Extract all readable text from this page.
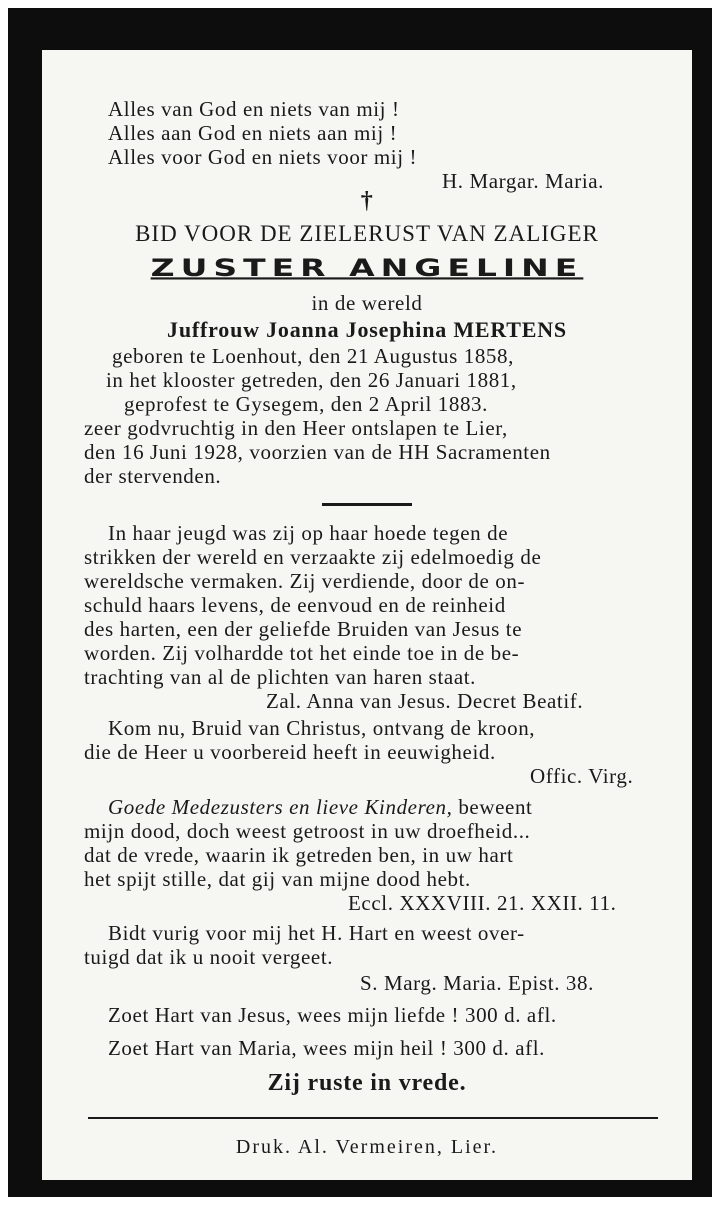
Alles van God en niets van mij !
Alles aan God en niets aan mij !
Alles voor God en niets voor mij !
H. Margar. Maria.
†
BID VOOR DE ZIELERUST VAN ZALIGER
ZUSTER ANGELINE
in de wereld
Juffrouw Joanna Josephina MERTENS
geboren te Loenhout, den 21 Augustus 1858,
in het klooster getreden, den 26 Januari 1881,
geprofest te Gysegem, den 2 April 1883.
zeer godvruchtig in den Heer ontslapen te Lier,
den 16 Juni 1928, voorzien van de HH Sacramenten
der stervenden.
In haar jeugd was zij op haar hoede tegen de
strikken der wereld en verzaakte zij edelmoedig de
wereldsche vermaken. Zij verdiende, door de on-
schuld haars levens, de eenvoud en de reinheid
des harten, een der geliefde Bruiden van Jesus te
worden. Zij volhardde tot het einde toe in de be-
trachting van al de plichten van haren staat.
Zal. Anna van Jesus. Decret Beatif.
Kom nu, Bruid van Christus, ontvang de kroon,
die de Heer u voorbereid heeft in eeuwigheid.
Offic. Virg.
Goede Medezusters en lieve Kinderen, beweent
mijn dood, doch weest getroost in uw droefheid...
dat de vrede, waarin ik getreden ben, in uw hart
het spijt stille, dat gij van mijne dood hebt.
Eccl. XXXVIII. 21. XXII. 11.
Bidt vurig voor mij het H. Hart en weest over-
tuigd dat ik u nooit vergeet.
S. Marg. Maria. Epist. 38.
Zoet Hart van Jesus, wees mijn liefde ! 300 d. afl.
Zoet Hart van Maria, wees mijn heil ! 300 d. afl.
Zij ruste in vrede.
Druk. Al. Vermeiren, Lier.
